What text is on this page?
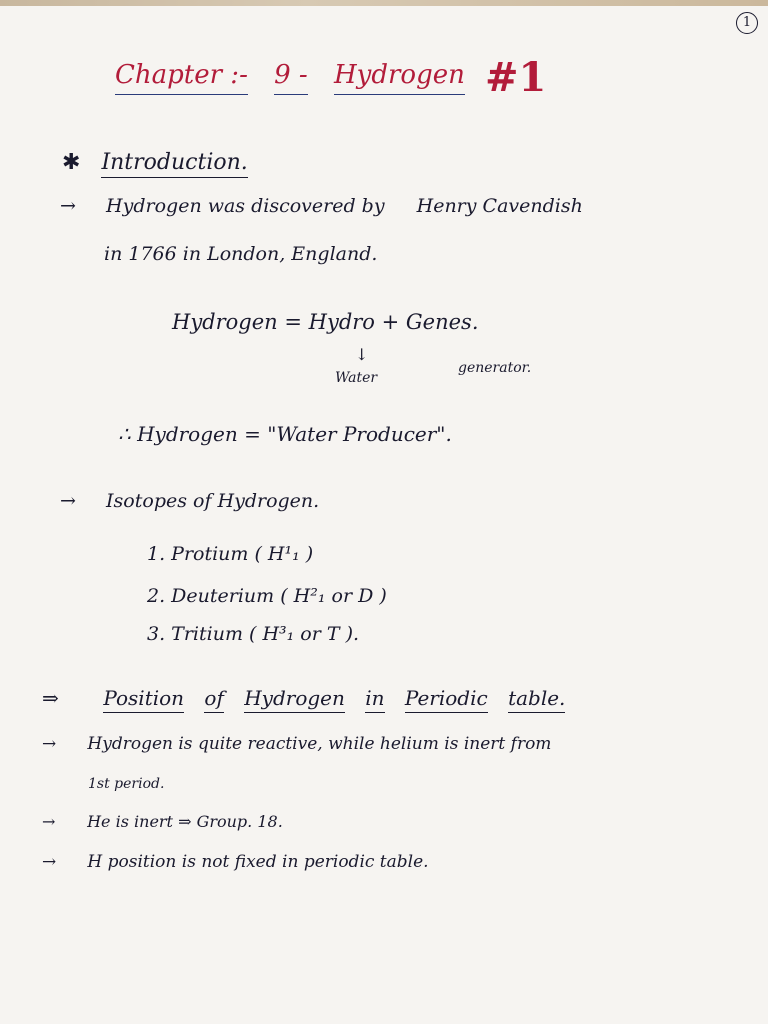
1
Chapter :- 9 - Hydrogen #1
✱ Introduction.
→ Hydrogen was discovered by Henry Cavendish
in 1766 in London, England.
Hydrogen = Hydro + Genes.
↓
Water
generator.
∴ Hydrogen = "Water Producer".
→ Isotopes of Hydrogen.
1. Protium ( H¹₁ )
2. Deuterium ( H²₁ or D )
3. Tritium ( H³₁ or T ).
⇒ Position of Hydrogen in Periodic table.
→ Hydrogen is quite reactive, while helium is inert from
1st period.
→ He is inert ⇒ Group. 18.
→ H position is not fixed in periodic table.
